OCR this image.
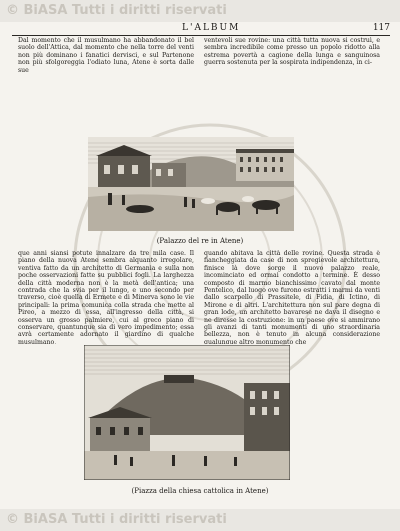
© BiASA Tutti i diritti riservati
L'ALBUM	117

Dal momento che il musulmano ha abbandonato il bel suolo dell'Attica, dal momento che nella torre del venti non più dominano i fanatici dervisci, e sul Partenone non più sfolgoreggia l'odiato luna, Atene è sorta dalle sue

ventevoli sue rovine: una città tutta nuova si costruì, e sembra incredibile come presso un popolo ridotto alla estrema povertà a cagione della lunga e sanguinosa guerra sostenuta per la sospirata indipendenza, in ci-

(Palazzo del re in Atene)

que anni siansi potute innalzare da tre mila case. Il piano della nuova Atene sembra alquanto irregolare, ventiva fatto da un architetto di Germania e sulla non poche osservazioni fatte su pubblici fogli. La larghezza della città moderna non è la metà dell'antica; una contrada che la svia per il lungo, e uno secondo per traverso, cioè quella di Ermete e di Minerva sono le vie principali: la prima comunica colla strada che mette al Pireo, a mezzo di essa, all'ingresso della città, si osserva un grosso palmiere, cui al greco piano di conservare, quantunque sia di vero impedimento; essa avrà certamente adornato il giardino di qualche musulmano,

quando abitava la città delle rovine. Questa strada è fiancheggiata da case di non spregievole architettura, finisce là dove sorge il nuovo palazzo reale, incominciato ed ormai condotto a termine. È desso composto di marmo bianchissimo cavato dal monte Pentelico, dal luogo ove furono estratti i marmi da venti dallo scarpello di Prassitele, di Fidia, di Ictino, di Mirone e di altri. L'architettura non sul pare degna di gran lode, un architetto bavarese ne dava il disegno e ne diresse la costruzione: in un paese ove si ammirano gli avanzi di tanti monumenti di uno straordinaria bellezza, non è tenuto in alcuna considerazione qualunque altro monumento che

(Piazza della chiesa cattolica in Atene)
© BiASA Tutti i diritti riservati
